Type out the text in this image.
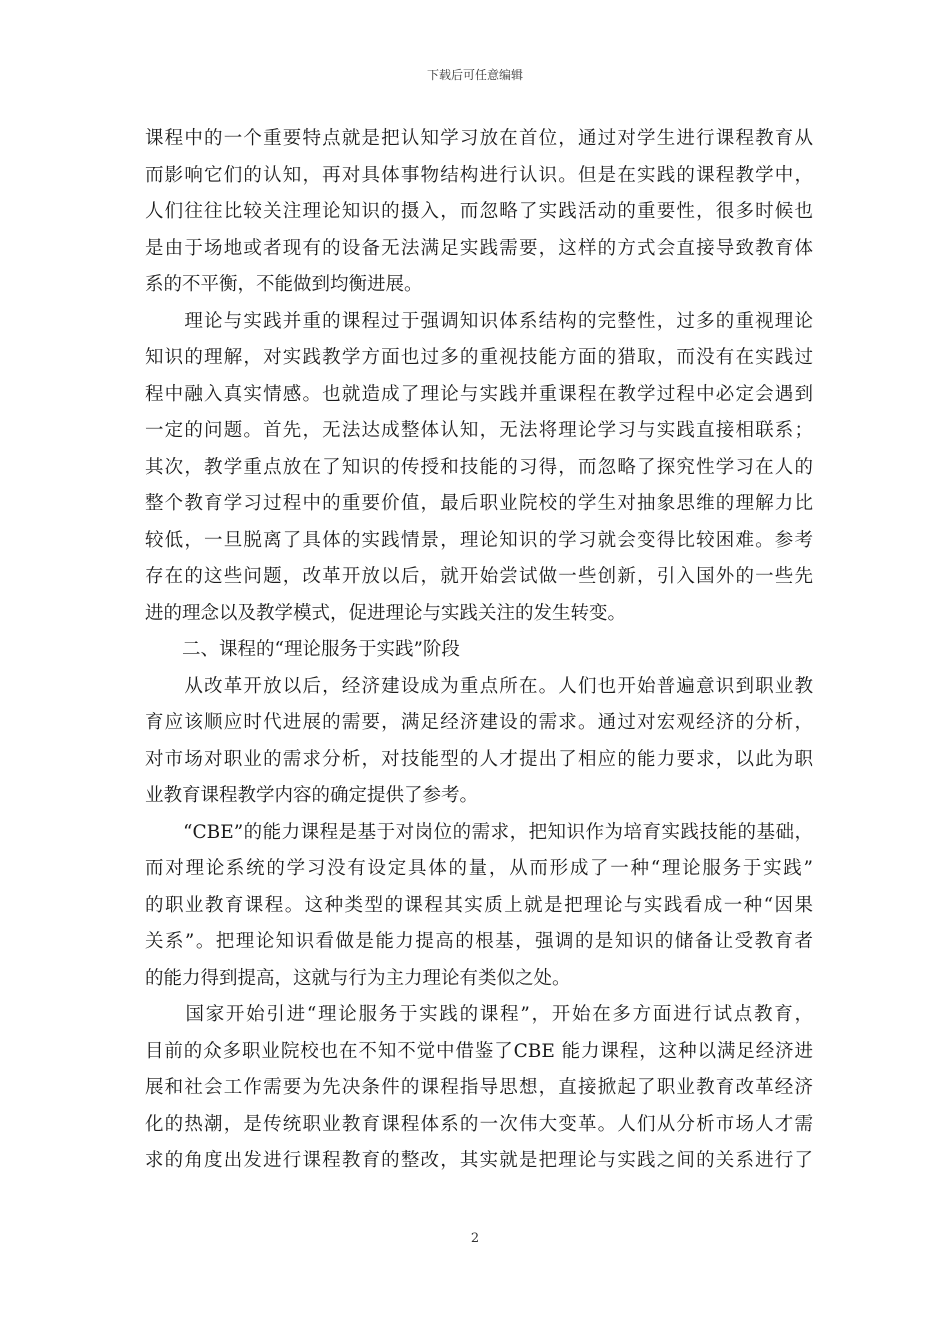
下载后可任意编辑
课程中的一个重要特点就是把认知学习放在首位，通过对学生进行课程教育从
而影响它们的认知，再对具体事物结构进行认识。但是在实践的课程教学中，
人们往往比较关注理论知识的摄入，而忽略了实践活动的重要性，很多时候也
是由于场地或者现有的设备无法满足实践需要，这样的方式会直接导致教育体
系的不平衡，不能做到均衡进展。
　　理论与实践并重的课程过于强调知识体系结构的完整性，过多的重视理论
知识的理解，对实践教学方面也过多的重视技能方面的猎取，而没有在实践过
程中融入真实情感。也就造成了理论与实践并重课程在教学过程中必定会遇到
一定的问题。首先，无法达成整体认知，无法将理论学习与实践直接相联系；
其次，教学重点放在了知识的传授和技能的习得，而忽略了探究性学习在人的
整个教育学习过程中的重要价值，最后职业院校的学生对抽象思维的理解力比
较低，一旦脱离了具体的实践情景，理论知识的学习就会变得比较困难。参考
存在的这些问题，改革开放以后，就开始尝试做一些创新，引入国外的一些先
进的理念以及教学模式，促进理论与实践关注的发生转变。
　　二、课程的“理论服务于实践”阶段
　　从改革开放以后，经济建设成为重点所在。人们也开始普遍意识到职业教
育应该顺应时代进展的需要，满足经济建设的需求。通过对宏观经济的分析，
对市场对职业的需求分析，对技能型的人才提出了相应的能力要求，以此为职
业教育课程教学内容的确定提供了参考。
　　“CBE”的能力课程是基于对岗位的需求，把知识作为培育实践技能的基础，
而对理论系统的学习没有设定具体的量，从而形成了一种“理论服务于实践”
的职业教育课程。这种类型的课程其实质上就是把理论与实践看成一种“因果
关系”。把理论知识看做是能力提高的根基，强调的是知识的储备让受教育者
的能力得到提高，这就与行为主力理论有类似之处。
　　国家开始引进“理论服务于实践的课程”，开始在多方面进行试点教育，
目前的众多职业院校也在不知不觉中借鉴了CBE 能力课程，这种以满足经济进
展和社会工作需要为先决条件的课程指导思想，直接掀起了职业教育改革经济
化的热潮，是传统职业教育课程体系的一次伟大变革。人们从分析市场人才需
求的角度出发进行课程教育的整改，其实就是把理论与实践之间的关系进行了
2
